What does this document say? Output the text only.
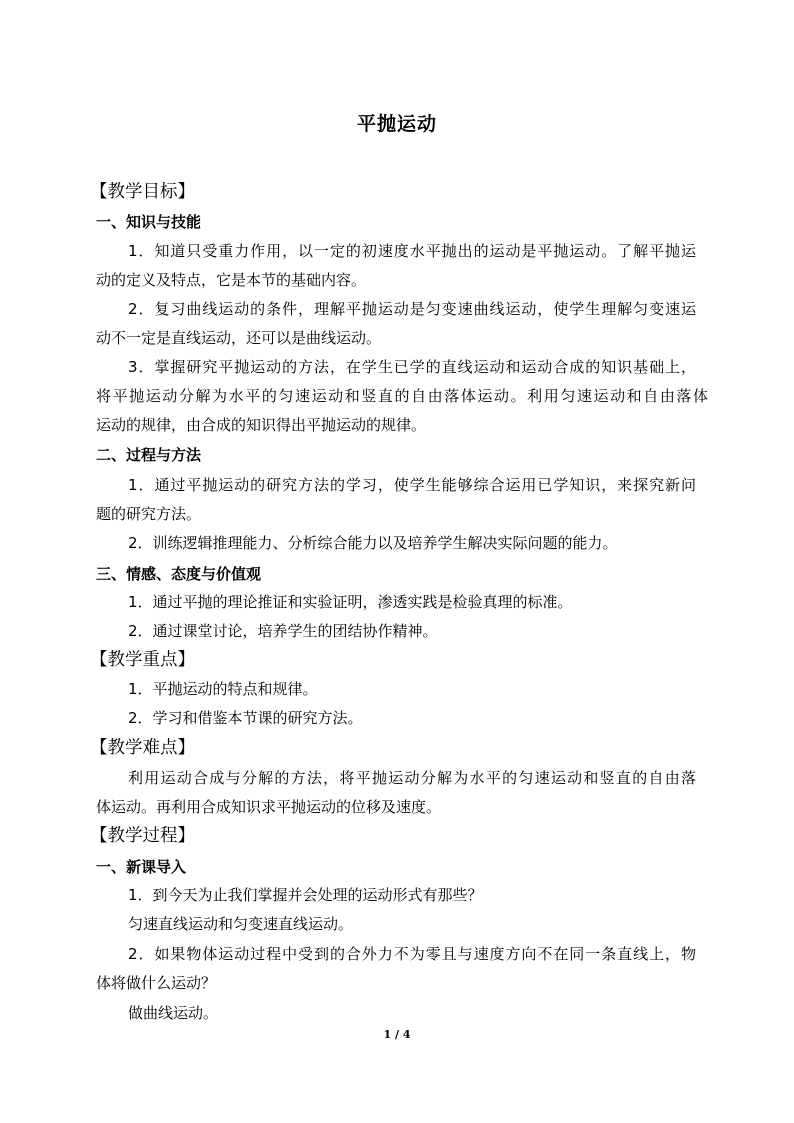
平抛运动
【教学目标】
一、知识与技能
1．知道只受重力作用，以一定的初速度水平抛出的运动是平抛运动。了解平抛运
动的定义及特点，它是本节的基础内容。
2．复习曲线运动的条件，理解平抛运动是匀变速曲线运动，使学生理解匀变速运
动不一定是直线运动，还可以是曲线运动。
3．掌握研究平抛运动的方法，在学生已学的直线运动和运动合成的知识基础上，
将平抛运动分解为水平的匀速运动和竖直的自由落体运动。利用匀速运动和自由落体
运动的规律，由合成的知识得出平抛运动的规律。
二、过程与方法
1．通过平抛运动的研究方法的学习，使学生能够综合运用已学知识，来探究新问
题的研究方法。
2．训练逻辑推理能力、分析综合能力以及培养学生解决实际问题的能力。
三、情感、态度与价值观
1．通过平抛的理论推证和实验证明，渗透实践是检验真理的标准。
2．通过课堂讨论，培养学生的团结协作精神。
【教学重点】
1．平抛运动的特点和规律。
2．学习和借鉴本节课的研究方法。
【教学难点】
利用运动合成与分解的方法，将平抛运动分解为水平的匀速运动和竖直的自由落
体运动。再利用合成知识求平抛运动的位移及速度。
【教学过程】
一、新课导入
1．到今天为止我们掌握并会处理的运动形式有那些？
匀速直线运动和匀变速直线运动。
2．如果物体运动过程中受到的合外力不为零且与速度方向不在同一条直线上，物
体将做什么运动？
做曲线运动。
1 / 4
